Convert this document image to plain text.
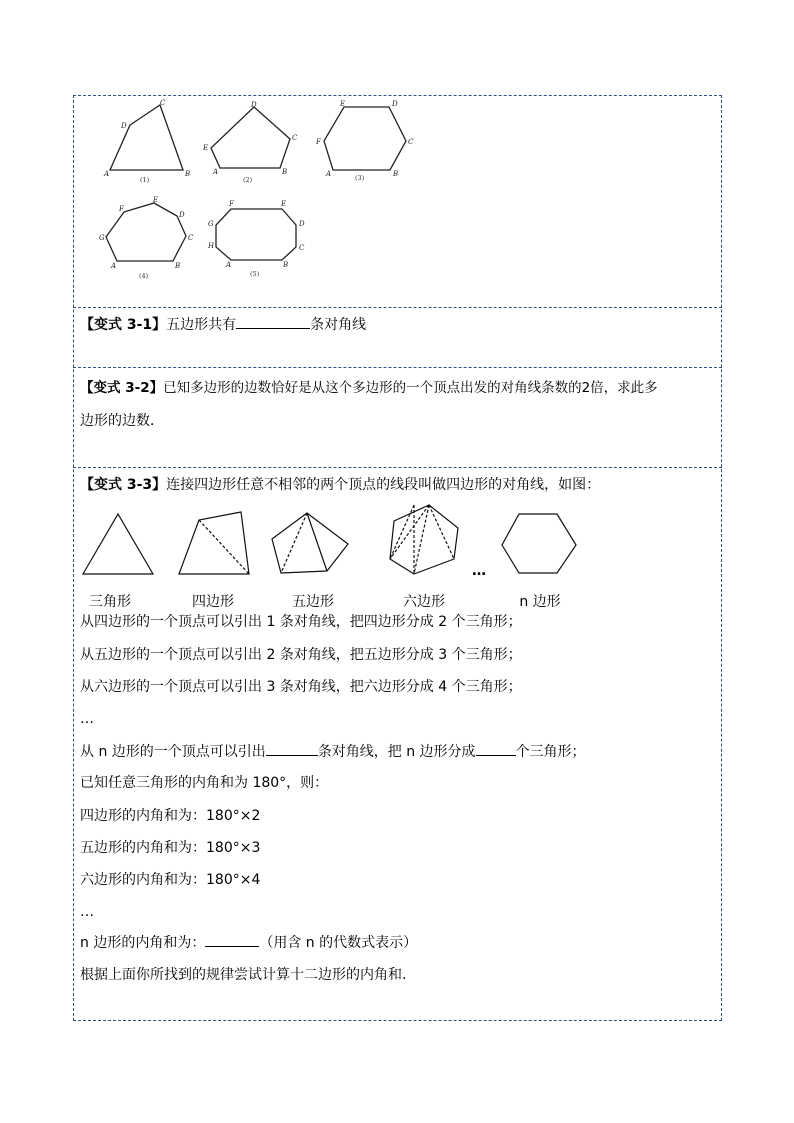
A	B
C
D
(1)
A	B
C
D
E
(2)
A	B
C
D
E
F
(3)
A	B
C
D
E
F
G
(4)
A	B
C
D
E
F
G
H
(5)
【变式 3-1】五边形共有	条对角线
【变式 3-2】已知多边形的边数恰好是从这个多边形的一个顶点出发的对角线条数的2倍，求此多
边形的边数．
【变式 3-3】连接四边形任意不相邻的两个顶点的线段叫做四边形的对角线，如图：
…
三角形	四边形	五边形	六边形	n 边形
从四边形的一个顶点可以引出 1 条对角线，把四边形分成 2 个三角形；
从五边形的一个顶点可以引出 2 条对角线，把五边形分成 3 个三角形；
从六边形的一个顶点可以引出 3 条对角线，把六边形分成 4 个三角形；
…
从 n 边形的一个顶点可以引出	条对角线，把 n 边形分成	个三角形；
已知任意三角形的内角和为 180°，则：
四边形的内角和为：180°×2
五边形的内角和为：180°×3
六边形的内角和为：180°×4
…
n 边形的内角和为：	（用含 n 的代数式表示）
根据上面你所找到的规律尝试计算十二边形的内角和.
